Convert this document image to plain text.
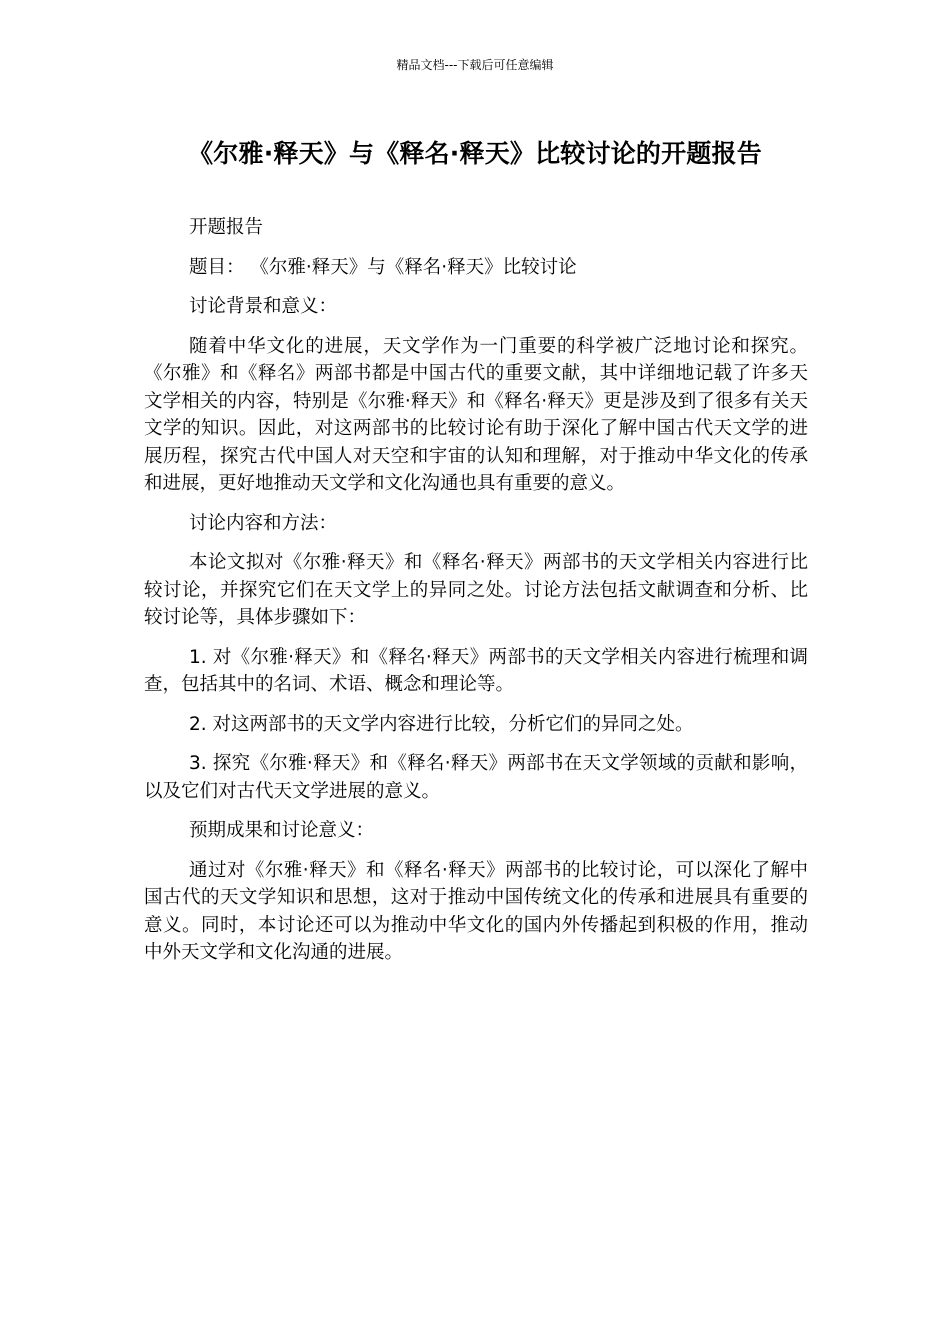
精品文档---下载后可任意编辑
《尔雅·释天》与《释名·释天》比较讨论的开题报告

开题报告

题目： 《尔雅·释天》与《释名·释天》比较讨论

讨论背景和意义：

随着中华文化的进展，天文学作为一门重要的科学被广泛地讨论和探究。《尔雅》和《释名》两部书都是中国古代的重要文献，其中详细地记载了许多天文学相关的内容，特别是《尔雅·释天》和《释名·释天》更是涉及到了很多有关天文学的知识。因此，对这两部书的比较讨论有助于深化了解中国古代天文学的进展历程，探究古代中国人对天空和宇宙的认知和理解，对于推动中华文化的传承和进展，更好地推动天文学和文化沟通也具有重要的意义。

讨论内容和方法：

本论文拟对《尔雅·释天》和《释名·释天》两部书的天文学相关内容进行比较讨论，并探究它们在天文学上的异同之处。讨论方法包括文献调查和分析、比较讨论等，具体步骤如下：

1. 对《尔雅·释天》和《释名·释天》两部书的天文学相关内容进行梳理和调查，包括其中的名词、术语、概念和理论等。

2. 对这两部书的天文学内容进行比较，分析它们的异同之处。

3. 探究《尔雅·释天》和《释名·释天》两部书在天文学领域的贡献和影响，以及它们对古代天文学进展的意义。

预期成果和讨论意义：

通过对《尔雅·释天》和《释名·释天》两部书的比较讨论，可以深化了解中国古代的天文学知识和思想，这对于推动中国传统文化的传承和进展具有重要的意义。同时，本讨论还可以为推动中华文化的国内外传播起到积极的作用，推动中外天文学和文化沟通的进展。
